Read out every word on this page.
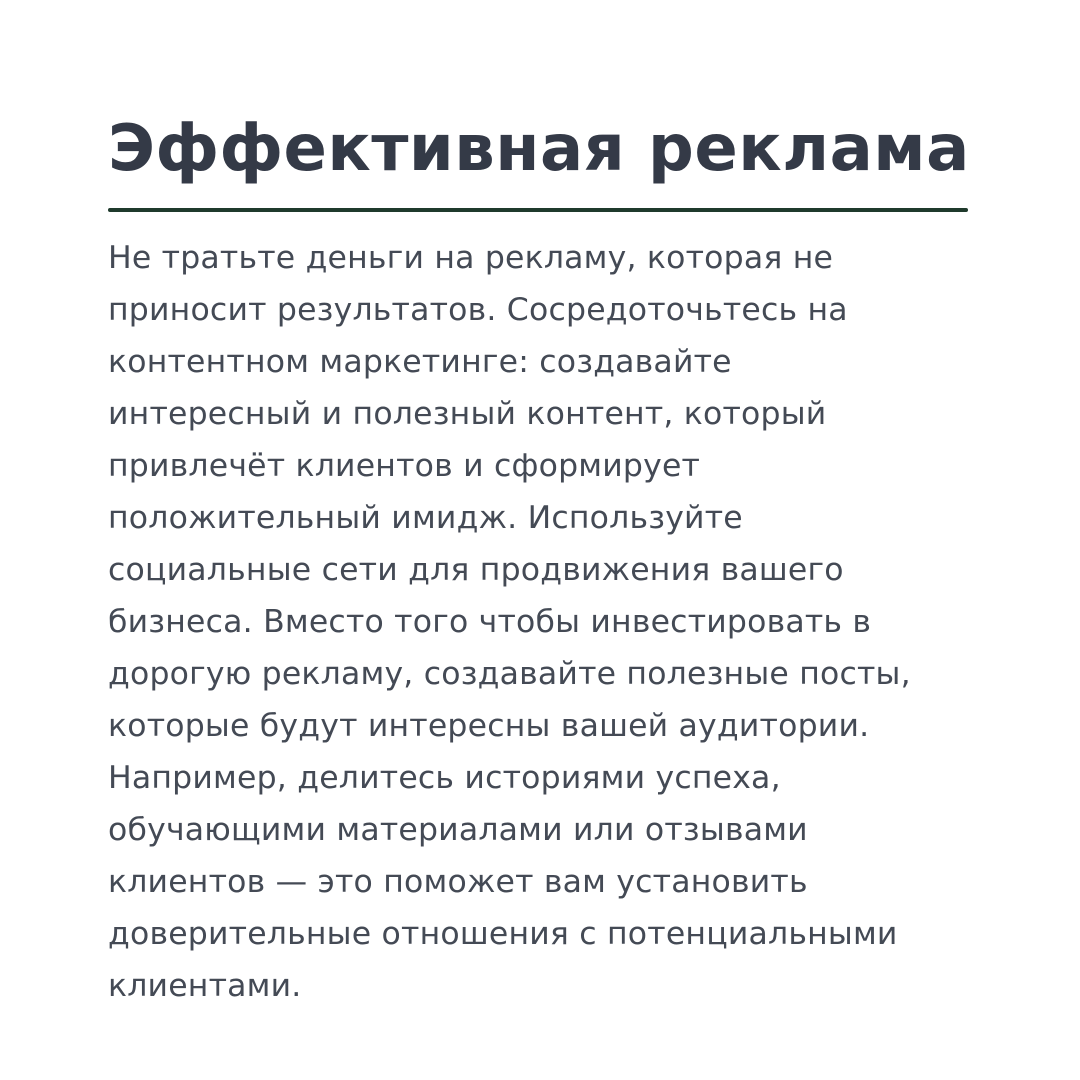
Эффективная реклама
Не тратьте деньги на рекламу, которая не
приносит результатов. Сосредоточьтесь на
контентном маркетинге: создавайте
интересный и полезный контент, который
привлечёт клиентов и сформирует
положительный имидж. Используйте
социальные сети для продвижения вашего
бизнеса. Вместо того чтобы инвестировать в
дорогую рекламу, создавайте полезные посты,
которые будут интересны вашей аудитории.
Например, делитесь историями успеха,
обучающими материалами или отзывами
клиентов — это поможет вам установить
доверительные отношения с потенциальными
клиентами.
